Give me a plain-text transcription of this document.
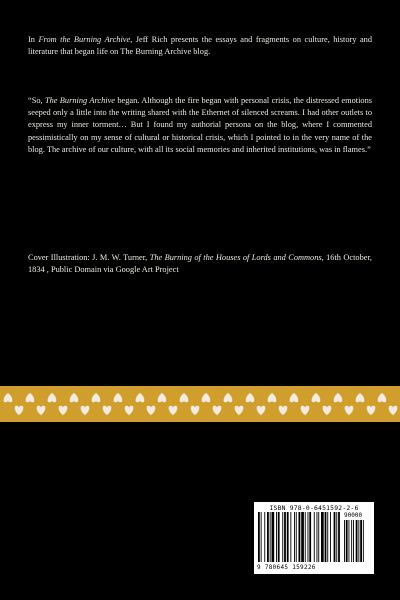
In From the Burning Archive, Jeff Rich presents the essays and fragments on culture, history and literature that began life on The Burning Archive blog.

“So, The Burning Archive began. Although the fire began with personal crisis, the distressed emotions seeped only a little into the writing shared with the Ethernet of silenced screams. I had other outlets to express my inner torment… But I found my authorial persona on the blog, where I commented pessimistically on my sense of cultural or historical crisis, which I pointed to in the very name of the blog. The archive of our culture, with all its social memories and inherited institutions, was in flames.”

Cover Illustration: J. M. W. Turner, The Burning of the Houses of Lords and Commons, 16th October, 1834 , Public Domain via Google Art Project

ISBN 978-0-6451592-2-6
90000
9 780645 159226
